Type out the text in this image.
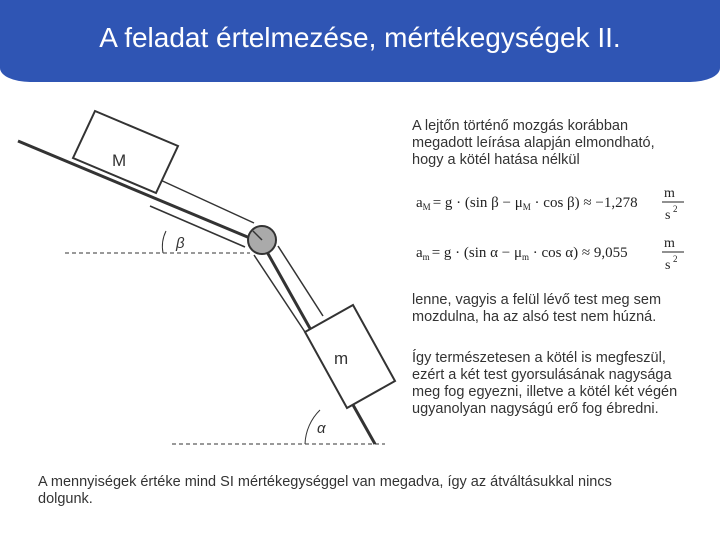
A feladat értelmezése, mértékegységek II.
M
m
β
α
$a_M = g \cdot (\sin$ $\beta - \mu_M \cdot \cos \beta) \approx -1,278$
m
s 2
$a_m = g \cdot (\sin$ $\alpha - \mu_m \cdot \cos \alpha) \approx 9,055$
m
s 2
A lejtőn történő mozgás korábban
megadott leírása alapján elmondható,
hogy a kötél hatása nélkül
lenne, vagyis a felül lévő test meg sem
mozdulna, ha az alsó test nem húzná.
Így természetesen a kötél is megfeszül,
ezért a két test gyorsulásának nagysága
meg fog egyezni, illetve a kötél két végén
ugyanolyan nagyságú erő fog ébredni.
A mennyiségek értéke mind SI mértékegységgel van megadva, így az átváltásukkal nincs
dolgunk.
